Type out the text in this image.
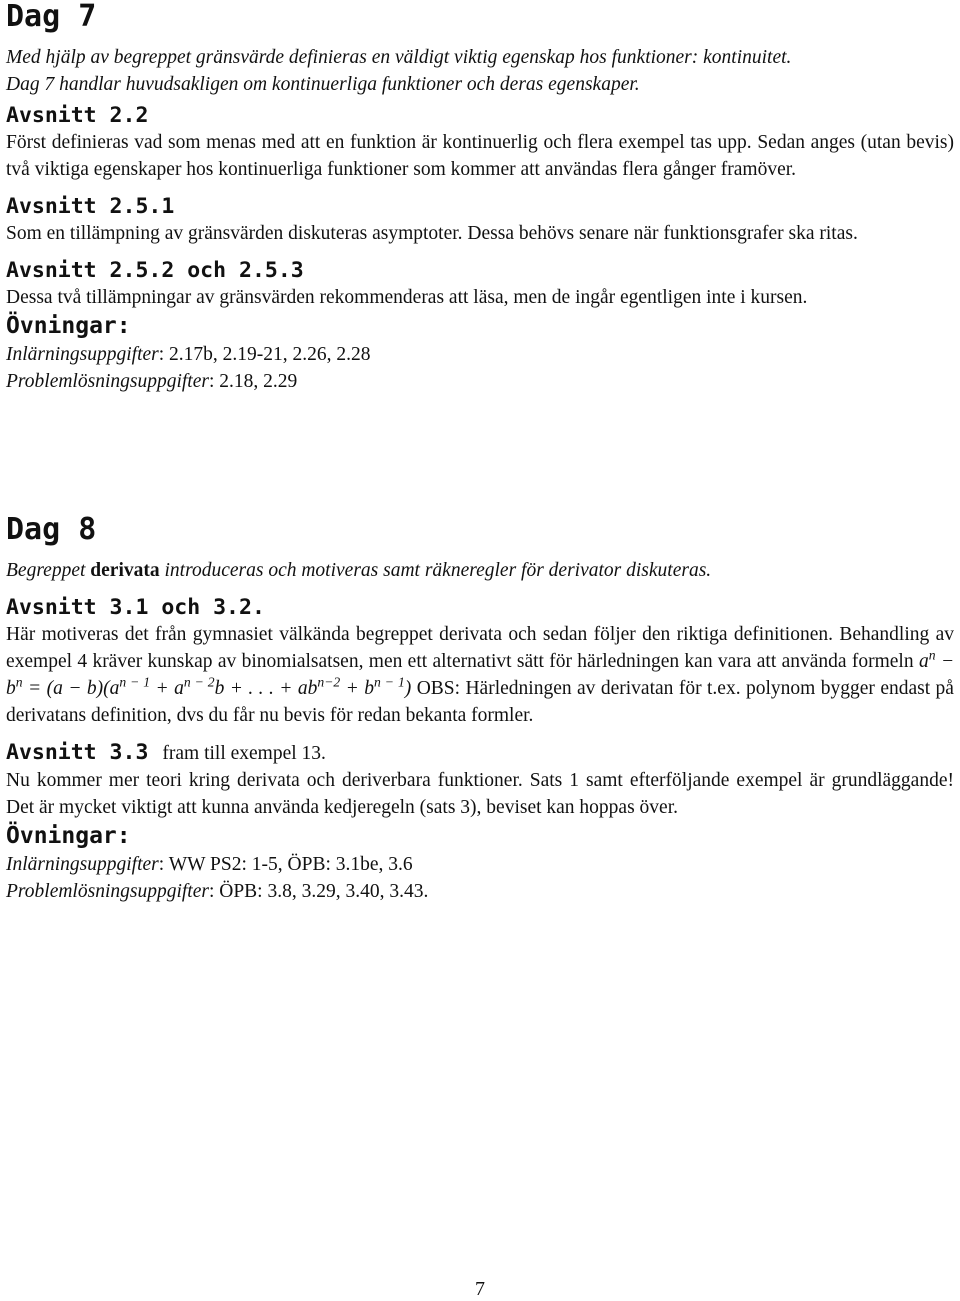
Dag 7

Med hjälp av begreppet gränsvärde definieras en väldigt viktig egenskap hos funktioner: kontinuitet.
Dag 7 handlar huvudsakligen om kontinuerliga funktioner och deras egenskaper.

Avsnitt 2.2

Först definieras vad som menas med att en funktion är kontinuerlig och flera exempel tas upp. Sedan anges (utan bevis) två viktiga egenskaper hos kontinuerliga funktioner som kommer att användas flera gånger framöver.

Avsnitt 2.5.1

Som en tillämpning av gränsvärden diskuteras asymptoter. Dessa behövs senare när funktionsgrafer ska ritas.

Avsnitt 2.5.2 och 2.5.3

Dessa två tillämpningar av gränsvärden rekommenderas att läsa, men de ingår egentligen inte i kursen.

Övningar:

Inlärningsuppgifter: 2.17b, 2.19-21, 2.26, 2.28

Problemlösningsuppgifter: 2.18, 2.29

Dag 8

Begreppet derivata introduceras och motiveras samt räkneregler för derivator diskuteras.

Avsnitt 3.1 och 3.2.

Här motiveras det från gymnasiet välkända begreppet derivata och sedan följer den riktiga definitionen. Behandling av exempel 4 kräver kunskap av binomialsatsen, men ett alternativt sätt för härledningen kan vara att använda formeln $a^n - b^n = (a - b)(a^{n - 1} + a^{n - 2}b$ + . . . + $ab^{n-2} + b^{n - 1}$) OBS: Härledningen av derivatan för t.ex. polynom bygger endast på derivatans definition, dvs du får nu bevis för redan bekanta formler.

Avsnitt 3.3 fram till exempel 13.

Nu kommer mer teori kring derivata och deriverbara funktioner. Sats 1 samt efterföljande exempel är grundläggande! Det är mycket viktigt att kunna använda kedjeregeln (sats 3), beviset kan hoppas över.

Övningar:

Inlärningsuppgifter: WW PS2: 1-5, ÖPB: 3.1be, 3.6

Problemlösningsuppgifter: ÖPB: 3.8, 3.29, 3.40, 3.43.

7
